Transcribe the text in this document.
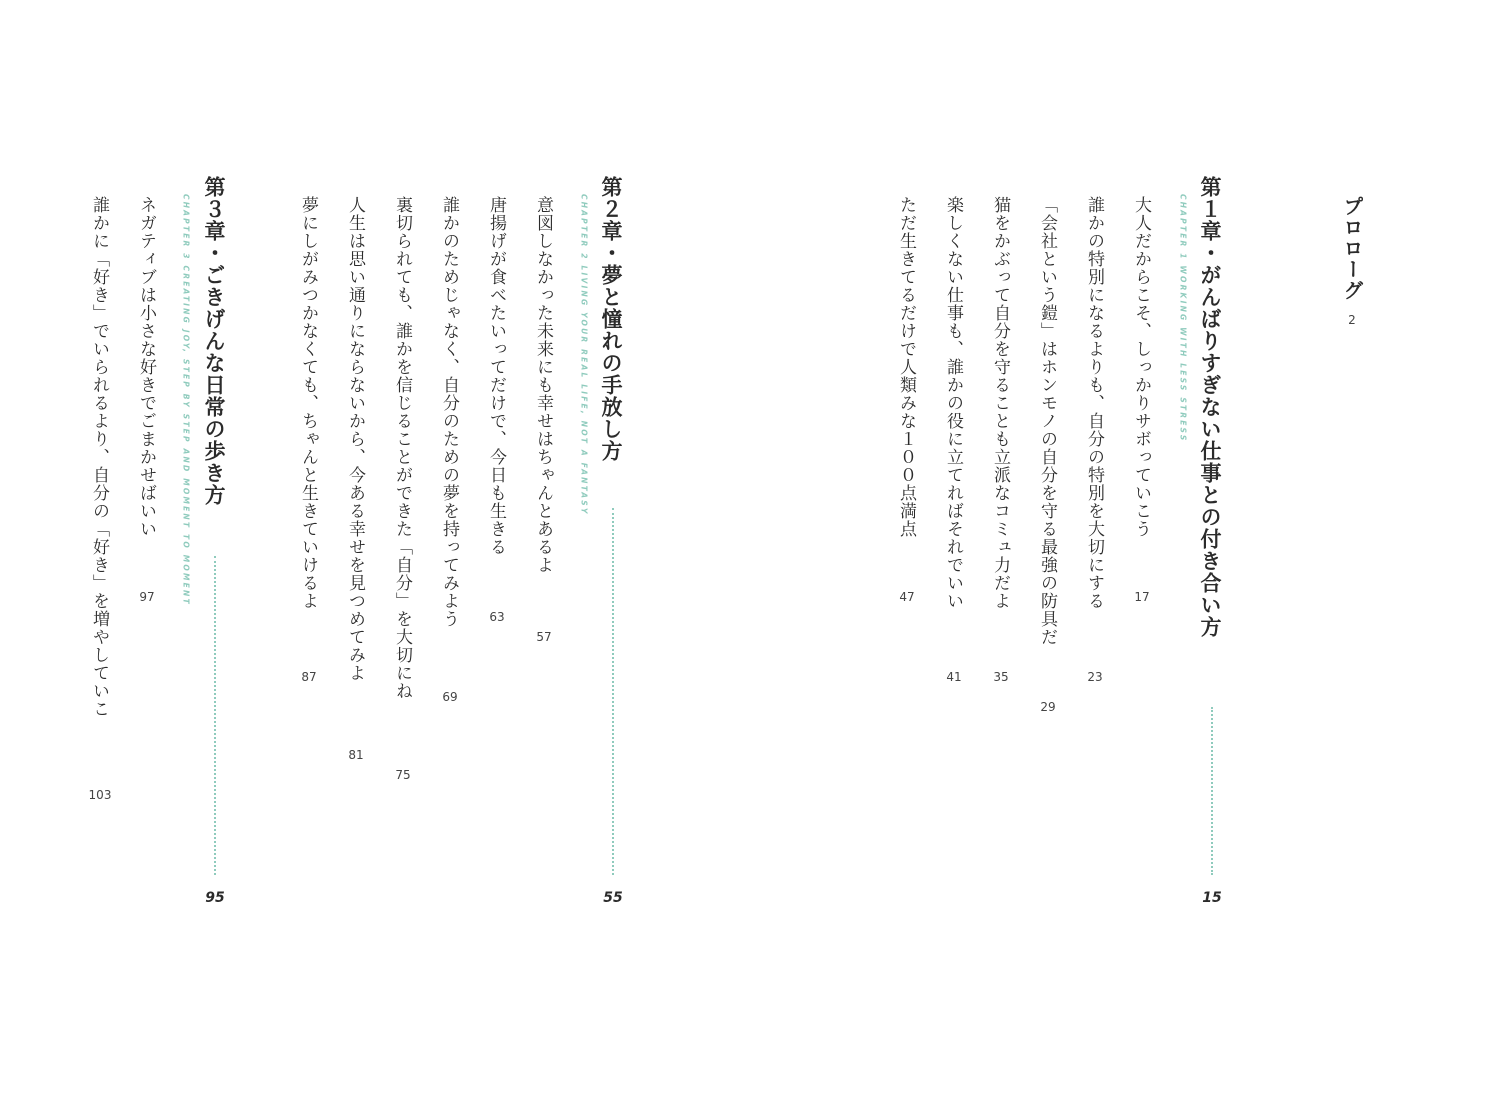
プロローグ
2
第１章・がんばりすぎない仕事との付き合い方
CHAPTER 1 WORKING WITH LESS STRESS
15
大人だからこそ、しっかりサボっていこう
17
誰かの特別になるよりも、自分の特別を大切にする
23
「会社という鎧」はホンモノの自分を守る最強の防具だ
29
猫をかぶって自分を守ることも立派なコミュ力だよ
35
楽しくない仕事も、誰かの役に立てればそれでいい
41
ただ生きてるだけで人類みな１００点満点
47
第２章・夢と憧れの手放し方
CHAPTER 2 LIVING YOUR REAL LIFE, NOT A FANTASY
55
意図しなかった未来にも幸せはちゃんとあるよ
57
唐揚げが食べたいってだけで、今日も生きる
63
誰かのためじゃなく、自分のための夢を持ってみよう
69
裏切られても、誰かを信じることができた「自分」を大切にね
75
人生は思い通りにならないから、今ある幸せを見つめてみよ
81
夢にしがみつかなくても、ちゃんと生きていけるよ
87
第３章・ごきげんな日常の歩き方
CHAPTER 3 CREATING JOY, STEP BY STEP AND MOMENT TO MOMENT
95
ネガティブは小さな好きでごまかせばいい
97
誰かに「好き」でいられるより、自分の「好き」を増やしていこ
103
